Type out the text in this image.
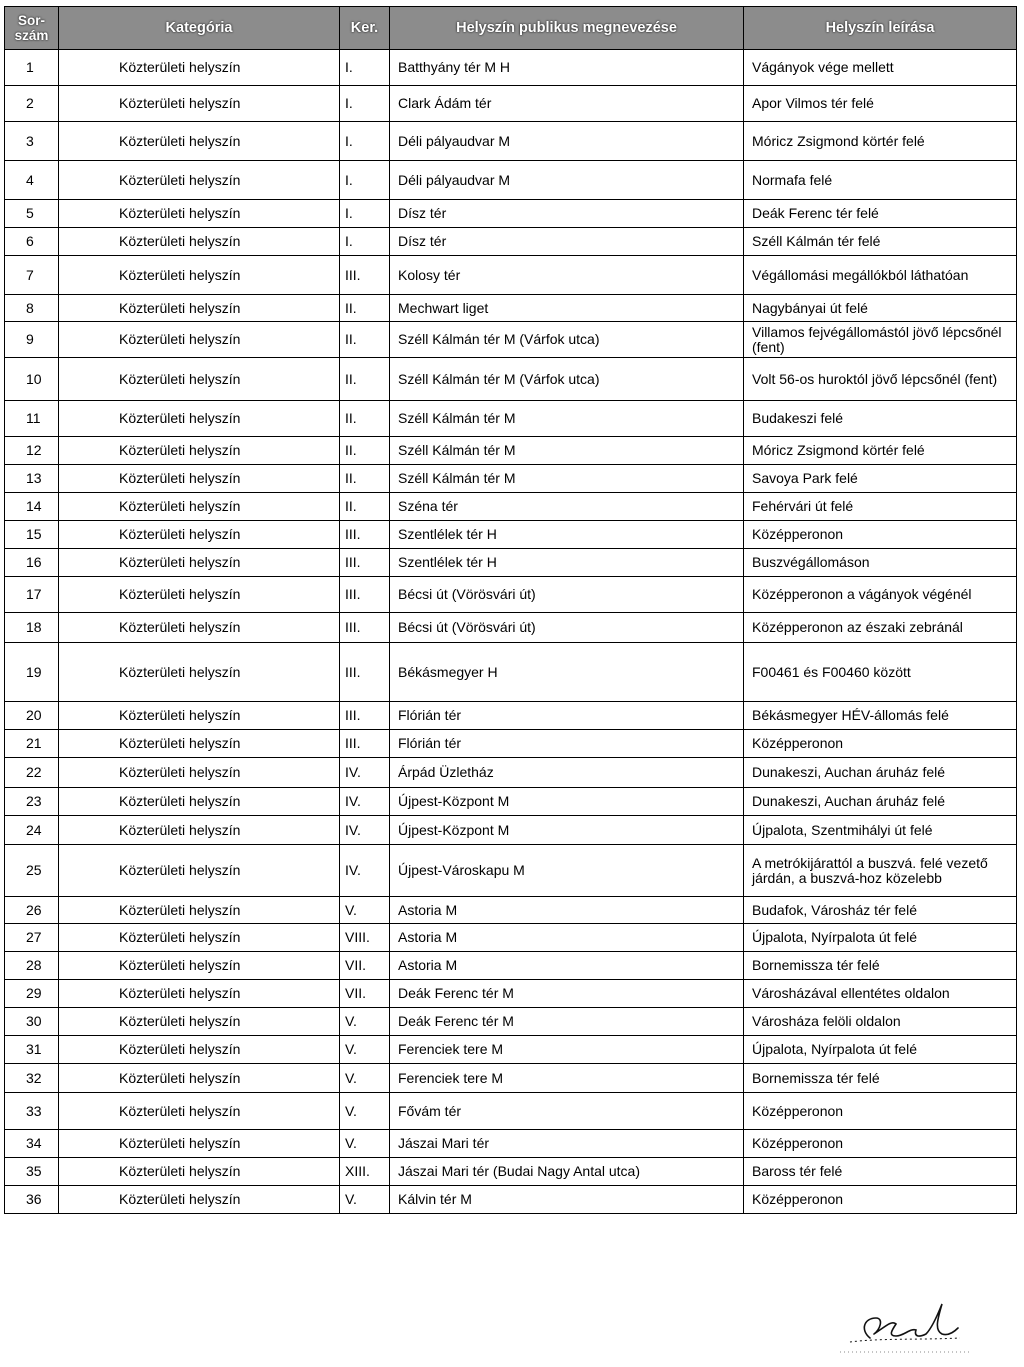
Sor-
szám	Kategória	Ker.	Helyszín publikus megnevezése	Helyszín leírása
1	Közterületi helyszín	I.	Batthyány tér M H	Vágányok vége mellett
2	Közterületi helyszín	I.	Clark Ádám tér	Apor Vilmos tér felé
3	Közterületi helyszín	I.	Déli pályaudvar M	Móricz Zsigmond körtér felé
4	Közterületi helyszín	I.	Déli pályaudvar M	Normafa felé
5	Közterületi helyszín	I.	Dísz tér	Deák Ferenc tér felé
6	Közterületi helyszín	I.	Dísz tér	Széll Kálmán tér felé
7	Közterületi helyszín	III.	Kolosy tér	Végállomási megállókból láthatóan
8	Közterületi helyszín	II.	Mechwart liget	Nagybányai út felé
9	Közterületi helyszín	II.	Széll Kálmán tér M (Várfok utca)	Villamos fejvégállomástól jövő lépcsőnél (fent)
10	Közterületi helyszín	II.	Széll Kálmán tér M (Várfok utca)	Volt 56-os huroktól jövő lépcsőnél (fent)
11	Közterületi helyszín	II.	Széll Kálmán tér M	Budakeszi felé
12	Közterületi helyszín	II.	Széll Kálmán tér M	Móricz Zsigmond körtér felé
13	Közterületi helyszín	II.	Széll Kálmán tér M	Savoya Park felé
14	Közterületi helyszín	II.	Széna tér	Fehérvári út felé
15	Közterületi helyszín	III.	Szentlélek tér H	Középperonon
16	Közterületi helyszín	III.	Szentlélek tér H	Buszvégállomáson
17	Közterületi helyszín	III.	Bécsi út (Vörösvári út)	Középperonon a vágányok végénél
18	Közterületi helyszín	III.	Bécsi út (Vörösvári út)	Középperonon az északi zebránál
19	Közterületi helyszín	III.	Békásmegyer H	F00461 és F00460 között
20	Közterületi helyszín	III.	Flórián tér	Békásmegyer HÉV-állomás felé
21	Közterületi helyszín	III.	Flórián tér	Középperonon
22	Közterületi helyszín	IV.	Árpád Üzletház	Dunakeszi, Auchan áruház felé
23	Közterületi helyszín	IV.	Újpest-Központ M	Dunakeszi, Auchan áruház felé
24	Közterületi helyszín	IV.	Újpest-Központ M	Újpalota, Szentmihályi út felé
25	Közterületi helyszín	IV.	Újpest-Városkapu M	A metrókijárattól a buszvá. felé vezető járdán, a buszvá-hoz közelebb
26	Közterületi helyszín	V.	Astoria M	Budafok, Városház tér felé
27	Közterületi helyszín	VIII.	Astoria M	Újpalota, Nyírpalota út felé
28	Közterületi helyszín	VII.	Astoria M	Bornemissza tér felé
29	Közterületi helyszín	VII.	Deák Ferenc tér M	Városházával ellentétes oldalon
30	Közterületi helyszín	V.	Deák Ferenc tér M	Városháza felöli oldalon
31	Közterületi helyszín	V.	Ferenciek tere M	Újpalota, Nyírpalota út felé
32	Közterületi helyszín	V.	Ferenciek tere M	Bornemissza tér felé
33	Közterületi helyszín	V.	Fővám tér	Középperonon
34	Közterületi helyszín	V.	Jászai Mari tér	Középperonon
35	Közterületi helyszín	XIII.	Jászai Mari tér (Budai Nagy Antal utca)	Baross tér felé
36	Közterületi helyszín	V.	Kálvin tér M	Középperonon
